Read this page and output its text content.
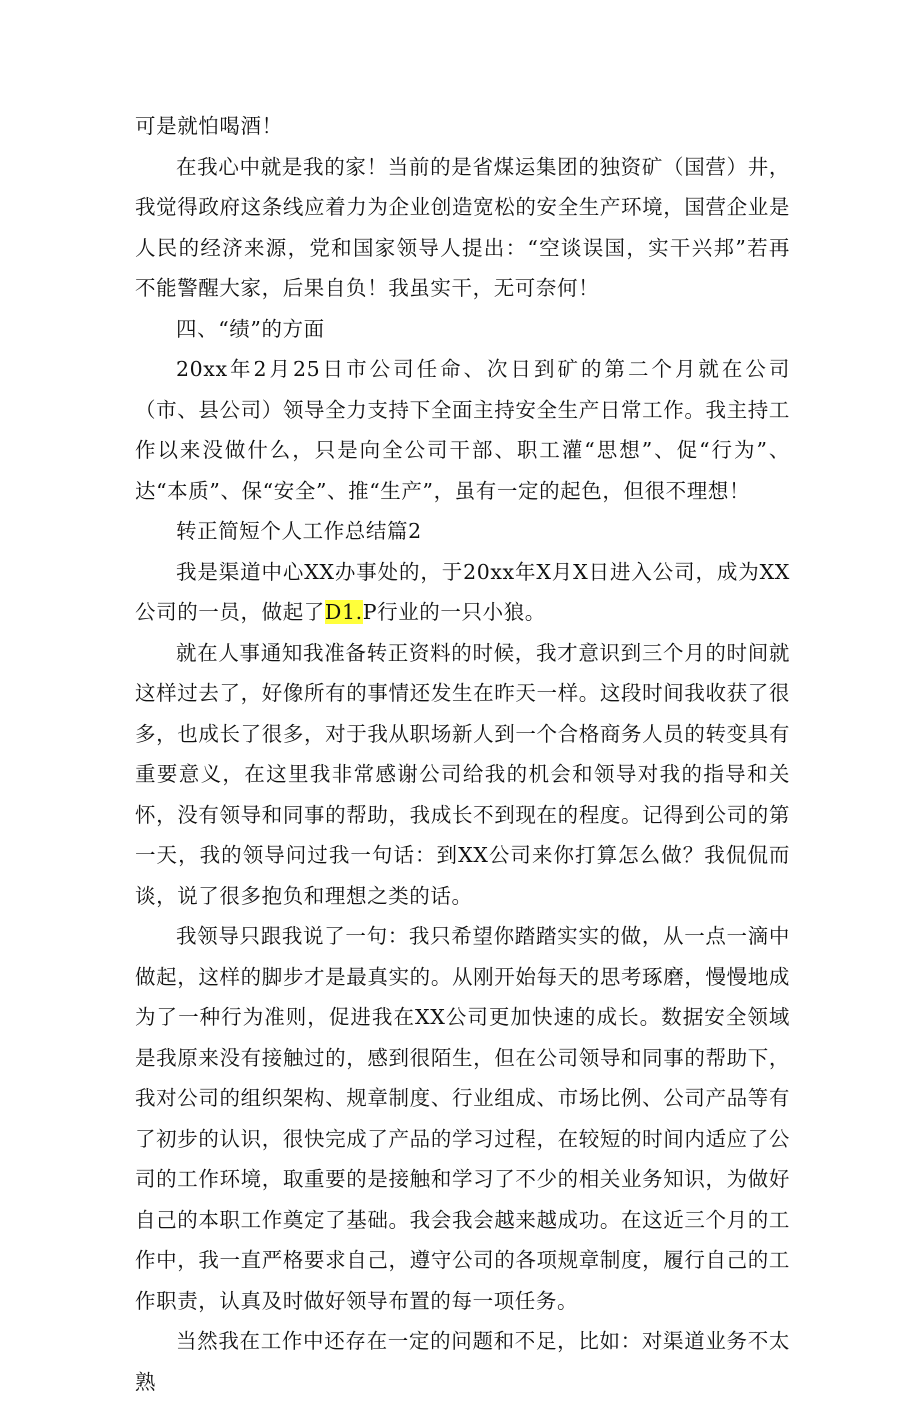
可是就怕喝酒！

在我心中就是我的家！当前的是省煤运集团的独资矿（国营）井，我觉得政府这条线应着力为企业创造宽松的安全生产环境，国营企业是人民的经济来源，党和国家领导人提出：“空谈误国，实干兴邦”若再不能警醒大家，后果自负！我虽实干，无可奈何！

四、“绩”的方面

20xx年2月25日市公司任命、次日到矿的第二个月就在公司（市、县公司）领导全力支持下全面主持安全生产日常工作。我主持工作以来没做什么，只是向全公司干部、职工灌“思想”、促“行为”、达“本质”、保“安全”、推“生产”，虽有一定的起色，但很不理想！

转正简短个人工作总结篇2

我是渠道中心XX办事处的，于20xx年X月X日进入公司，成为XX公司的一员，做起了D1.P行业的一只小狼。

就在人事通知我准备转正资料的时候，我才意识到三个月的时间就这样过去了，好像所有的事情还发生在昨天一样。这段时间我收获了很多，也成长了很多，对于我从职场新人到一个合格商务人员的转变具有重要意义，在这里我非常感谢公司给我的机会和领导对我的指导和关怀，没有领导和同事的帮助，我成长不到现在的程度。记得到公司的第一天，我的领导问过我一句话：到XX公司来你打算怎么做？我侃侃而谈，说了很多抱负和理想之类的话。

我领导只跟我说了一句：我只希望你踏踏实实的做，从一点一滴中做起，这样的脚步才是最真实的。从刚开始每天的思考琢磨，慢慢地成为了一种行为准则，促进我在XX公司更加快速的成长。数据安全领域是我原来没有接触过的，感到很陌生，但在公司领导和同事的帮助下，我对公司的组织架构、规章制度、行业组成、市场比例、公司产品等有了初步的认识，很快完成了产品的学习过程，在较短的时间内适应了公司的工作环境，取重要的是接触和学习了不少的相关业务知识，为做好自己的本职工作奠定了基础。我会我会越来越成功。在这近三个月的工作中，我一直严格要求自己，遵守公司的各项规章制度，履行自己的工作职责，认真及时做好领导布置的每一项任务。

当然我在工作中还存在一定的问题和不足，比如：对渠道业务不太熟
